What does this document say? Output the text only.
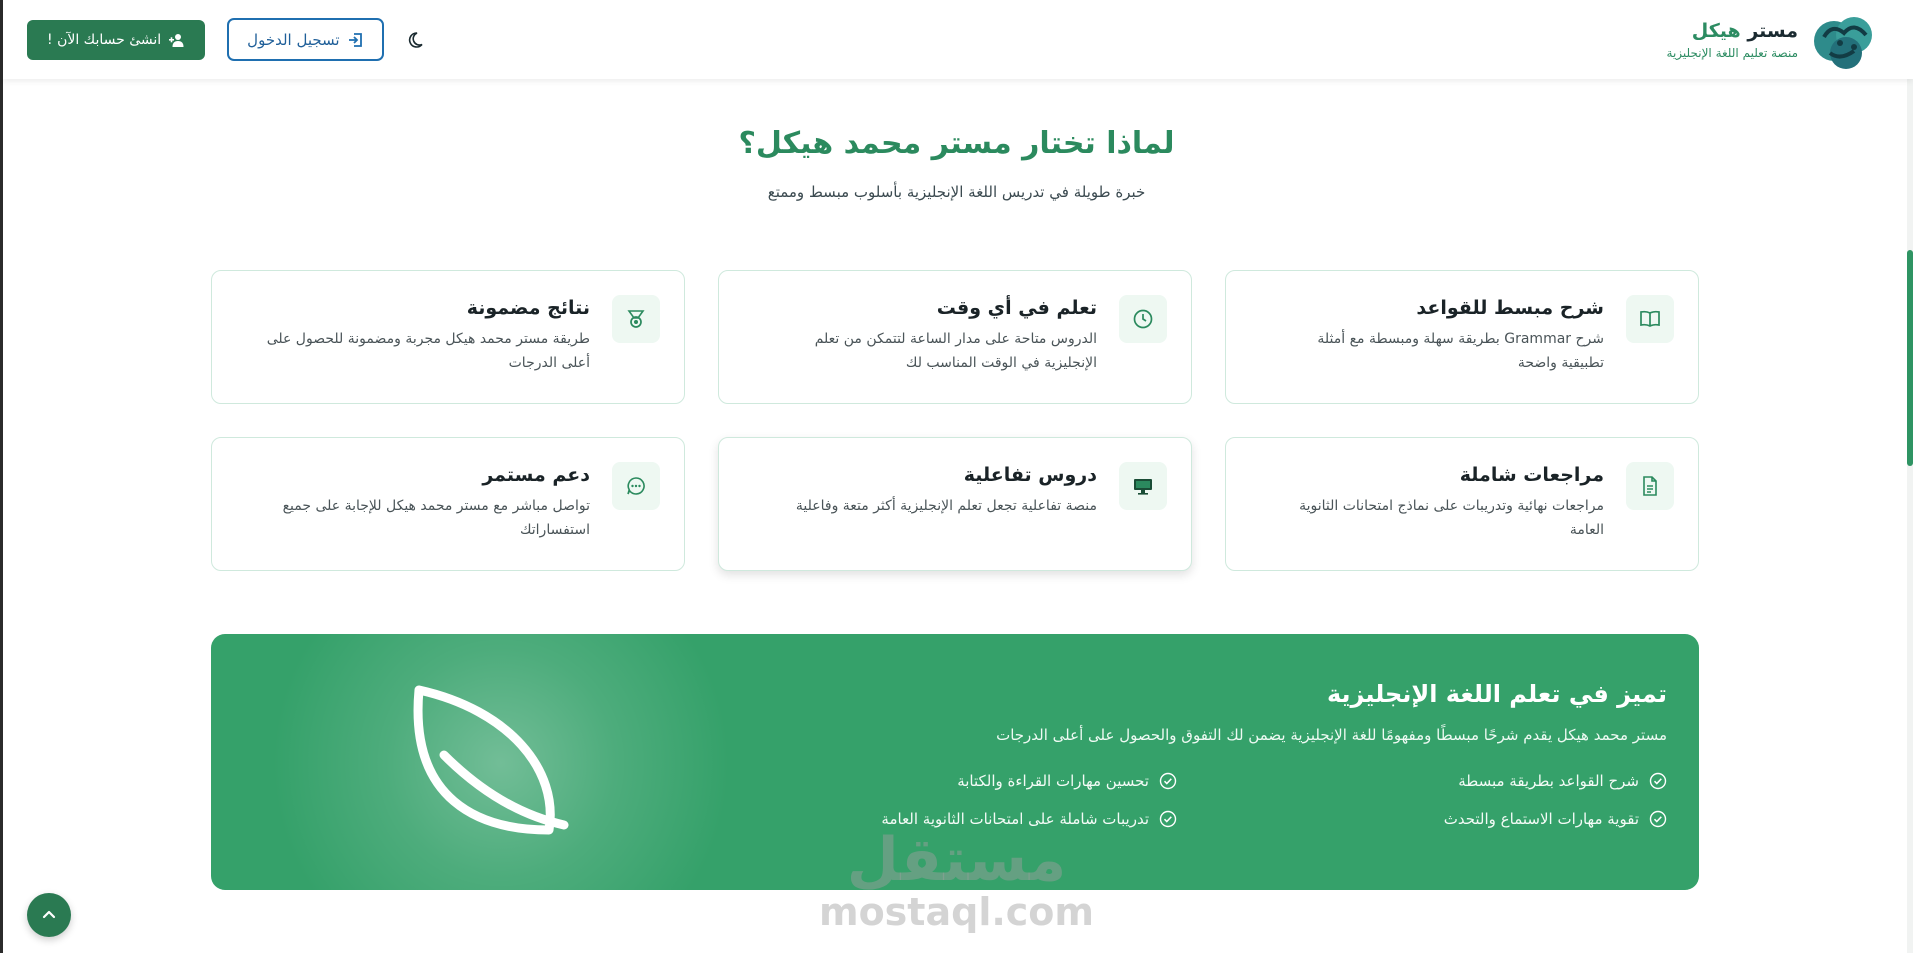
مستر هيكل
منصة تعليم اللغة الإنجليزية
انشئ حسابك الآن !	تسجيل الدخول
لماذا تختار مستر محمد هيكل؟

خبرة طويلة في تدريس اللغة الإنجليزية بأسلوب مبسط وممتع

شرح مبسط للقواعد
شرح Grammar بطريقة سهلة ومبسطة مع أمثلة تطبيقية واضحة
تعلم في أي وقت
الدروس متاحة على مدار الساعة لتتمكن من تعلم الإنجليزية في الوقت المناسب لك
نتائج مضمونة
طريقة مستر محمد هيكل مجربة ومضمونة للحصول على أعلى الدرجات
مراجعات شاملة
مراجعات نهائية وتدريبات على نماذج امتحانات الثانوية العامة
دروس تفاعلية
منصة تفاعلية تجعل تعلم الإنجليزية أكثر متعة وفاعلية
دعم مستمر
تواصل مباشر مع مستر محمد هيكل للإجابة على جميع استفساراتك
تميز في تعلم اللغة الإنجليزية

مستر محمد هيكل يقدم شرحًا مبسطًا ومفهومًا للغة الإنجليزية يضمن لك التفوق والحصول على أعلى الدرجات

شرح القواعد بطريقة مبسطة
تحسين مهارات القراءة والكتابة
تقوية مهارات الاستماع والتحدث
تدريبات شاملة على امتحانات الثانوية العامة
مستقل
mostaql.com
